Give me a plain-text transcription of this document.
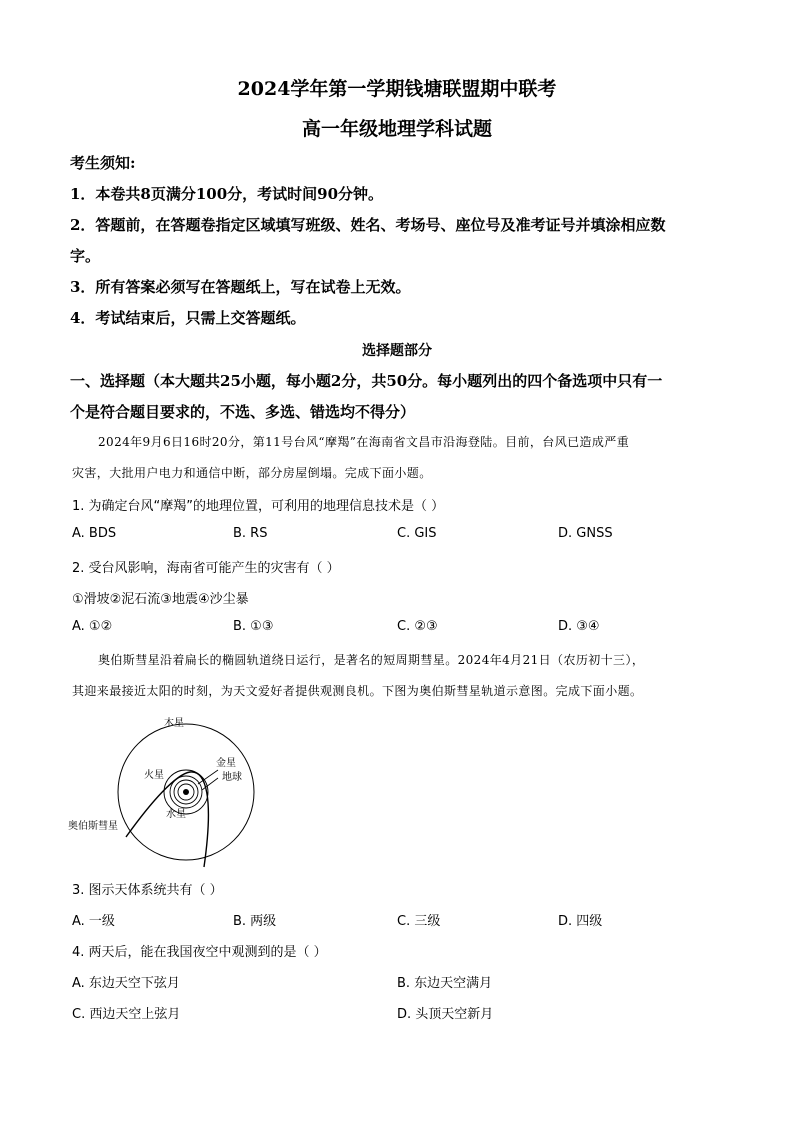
2024学年第一学期钱塘联盟期中联考
高一年级地理学科试题
考生须知:
1．本卷共8页满分100分，考试时间90分钟。
2．答题前，在答题卷指定区域填写班级、姓名、考场号、座位号及准考证号并填涂相应数
字。
3．所有答案必须写在答题纸上，写在试卷上无效。
4．考试结束后，只需上交答题纸。
选择题部分
一、选择题（本大题共25小题，每小题2分，共50分。每小题列出的四个备选项中只有一
个是符合题目要求的，不选、多选、错选均不得分）
2024年9月6日16时20分，第11号台风“摩羯”在海南省文昌市沿海登陆。目前，台风已造成严重
灾害，大批用户电力和通信中断，部分房屋倒塌。完成下面小题。
1. 为确定台风“摩羯”的地理位置，可利用的地理信息技术是（ ）
A. BDS	B. RS	C. GIS	D. GNSS
2. 受台风影响，海南省可能产生的灾害有（ ）
①滑坡②泥石流③地震④沙尘暴
A. ①②	B. ①③	C. ②③	D. ③④
奥伯斯彗星沿着扁长的椭圆轨道绕日运行，是著名的短周期彗星。2024年4月21日（农历初十三），
其迎来最接近太阳的时刻，为天文爱好者提供观测良机。下图为奥伯斯彗星轨道示意图。完成下面小题。
木星
金星
火星	地球
水星
奥伯斯彗星
3. 图示天体系统共有（ ）
A. 一级	B. 两级	C. 三级	D. 四级
4. 两天后，能在我国夜空中观测到的是（ ）
A. 东边天空下弦月	B. 东边天空满月
C. 西边天空上弦月	D. 头顶天空新月
